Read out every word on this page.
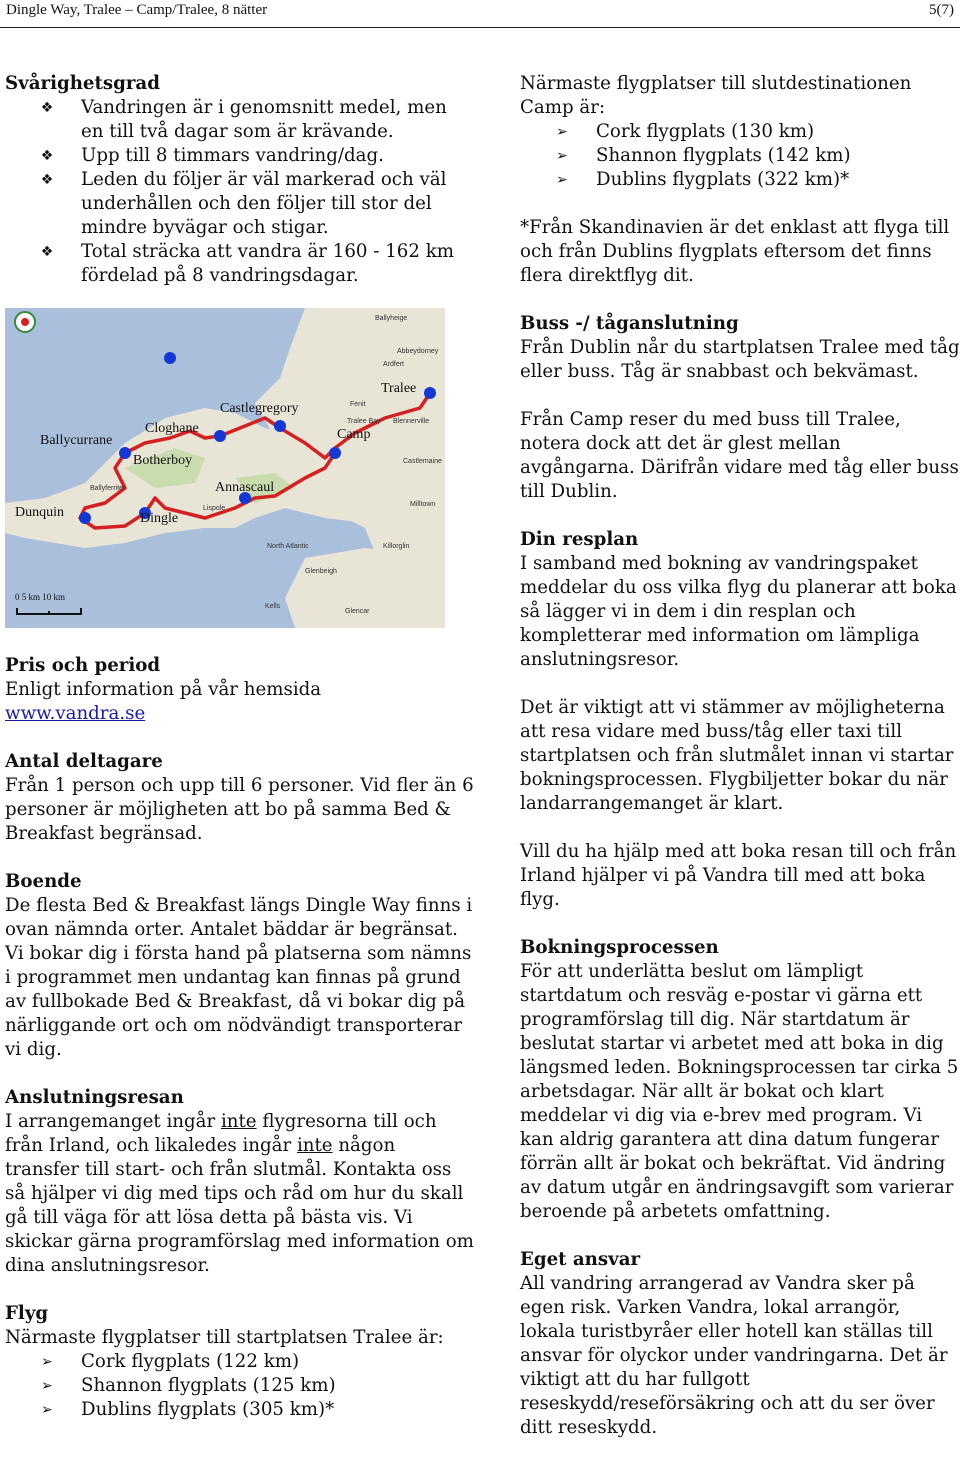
Dingle Way, Tralee – Camp/Tralee, 8 nätter	5(7)
Svårighetsgrad
❖ Vandringen är i genomsnitt medel, men en till två dagar som är krävande.
❖ Upp till 8 timmars vandring/dag.
❖ Leden du följer är väl markerad och väl underhållen och den följer till stor del mindre byvägar och stigar.
❖ Total sträcka att vandra är 160 - 162 km fördelad på 8 vandringsdagar.
Tralee
Castlegregory
Camp
Ballycurrane
Cloghane
Botherboy
Annascaul
Dunquin	Dingle
Ballyheige
Abbeydorney
Ardfert
Fenit
Tralee Bay Blennerville
Castlemaine
Milltown
Killorglin
Glenbeigh
Kells
Glencar
Lispole
Ballyferriter
North Atlantic
0 5 km 10 km
Pris och period

Enligt information på vår hemsida

www.vandra.se

Antal deltagare

Från 1 person och upp till 6 personer. Vid fler än 6 personer är möjligheten att bo på samma Bed & Breakfast begränsad.

Boende

De flesta Bed & Breakfast längs Dingle Way finns i ovan nämnda orter. Antalet bäddar är begränsat. Vi bokar dig i första hand på platserna som nämns i programmet men undantag kan finnas på grund av fullbokade Bed & Breakfast, då vi bokar dig på närliggande ort och om nödvändigt transporterar vi dig.

Anslutningsresan

I arrangemanget ingår inte flygresorna till och från Irland, och likaledes ingår inte någon transfer till start- och från slutmål. Kontakta oss så hjälper vi dig med tips och råd om hur du skall gå till väga för att lösa detta på bästa vis. Vi skickar gärna programförslag med information om dina anslutningsresor.

Flyg

Närmaste flygplatser till startplatsen Tralee är:

➢ Cork flygplats (122 km)
➢ Shannon flygplats (125 km)
➢ Dublins flygplats (305 km)*

Närmaste flygplatser till slutdestinationen Camp är:

➢ Cork flygplats (130 km)
➢ Shannon flygplats (142 km)
➢ Dublins flygplats (322 km)*

*Från Skandinavien är det enklast att flyga till och från Dublins flygplats eftersom det finns flera direktflyg dit.

Buss -/ tåganslutning

Från Dublin når du startplatsen Tralee med tåg eller buss. Tåg är snabbast och bekvämast.

Från Camp reser du med buss till Tralee, notera dock att det är glest mellan avgångarna. Därifrån vidare med tåg eller buss till Dublin.

Din resplan

I samband med bokning av vandringspaket meddelar du oss vilka flyg du planerar att boka så lägger vi in dem i din resplan och kompletterar med information om lämpliga anslutningsresor.

Det är viktigt att vi stämmer av möjligheterna att resa vidare med buss/tåg eller taxi till startplatsen och från slutmålet innan vi startar bokningsprocessen. Flygbiljetter bokar du när landarrangemanget är klart.

Vill du ha hjälp med att boka resan till och från Irland hjälper vi på Vandra till med att boka flyg.

Bokningsprocessen

För att underlätta beslut om lämpligt startdatum och resväg e-postar vi gärna ett programförslag till dig. När startdatum är beslutat startar vi arbetet med att boka in dig längsmed leden. Bokningsprocessen tar cirka 5 arbetsdagar. När allt är bokat och klart meddelar vi dig via e-brev med program. Vi kan aldrig garantera att dina datum fungerar förrän allt är bokat och bekräftat. Vid ändring av datum utgår en ändringsavgift som varierar beroende på arbetets omfattning.

Eget ansvar

All vandring arrangerad av Vandra sker på egen risk. Varken Vandra, lokal arrangör, lokala turistbyråer eller hotell kan ställas till ansvar för olyckor under vandringarna. Det är viktigt att du har fullgott reseskydd/reseförsäkring och att du ser över ditt reseskydd.
